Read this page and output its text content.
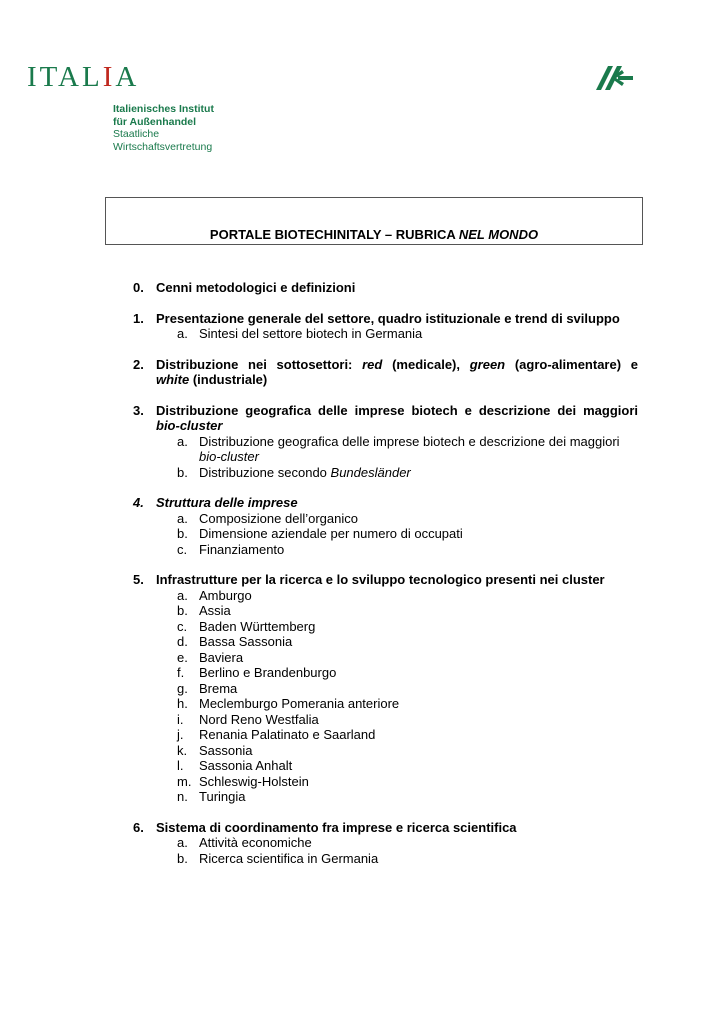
ITALIA
Italienisches Institut
für Außenhandel
Staatliche
Wirtschaftsvertretung
PORTALE BIOTECHINITALY – RUBRICA NEL MONDO
0. Cenni metodologici e definizioni
1. Presentazione generale del settore, quadro istituzionale e trend di sviluppo
a. Sintesi del settore biotech in Germania
2. Distribuzione nei sottosettori: red (medicale), green (agro-alimentare) e
white (industriale)
3. Distribuzione geografica delle imprese biotech e descrizione dei maggiori
bio-cluster
a. Distribuzione geografica delle imprese biotech e descrizione dei maggiori
bio-cluster
b. Distribuzione secondo Bundesländer
4. Struttura delle imprese
a. Composizione dell’organico
b. Dimensione aziendale per numero di occupati
c. Finanziamento
5. Infrastrutture per la ricerca e lo sviluppo tecnologico presenti nei cluster
a. Amburgo
b. Assia
c. Baden Württemberg
d. Bassa Sassonia
e. Baviera
f.	Berlino e Brandenburgo
g. Brema
h. Meclemburgo Pomerania anteriore
i.	Nord Reno Westfalia
j.	Renania Palatinato e Saarland
k. Sassonia
l.	Sassonia Anhalt
m. Schleswig-Holstein
n. Turingia
6. Sistema di coordinamento fra imprese e ricerca scientifica
a. Attività economiche
b. Ricerca scientifica in Germania
